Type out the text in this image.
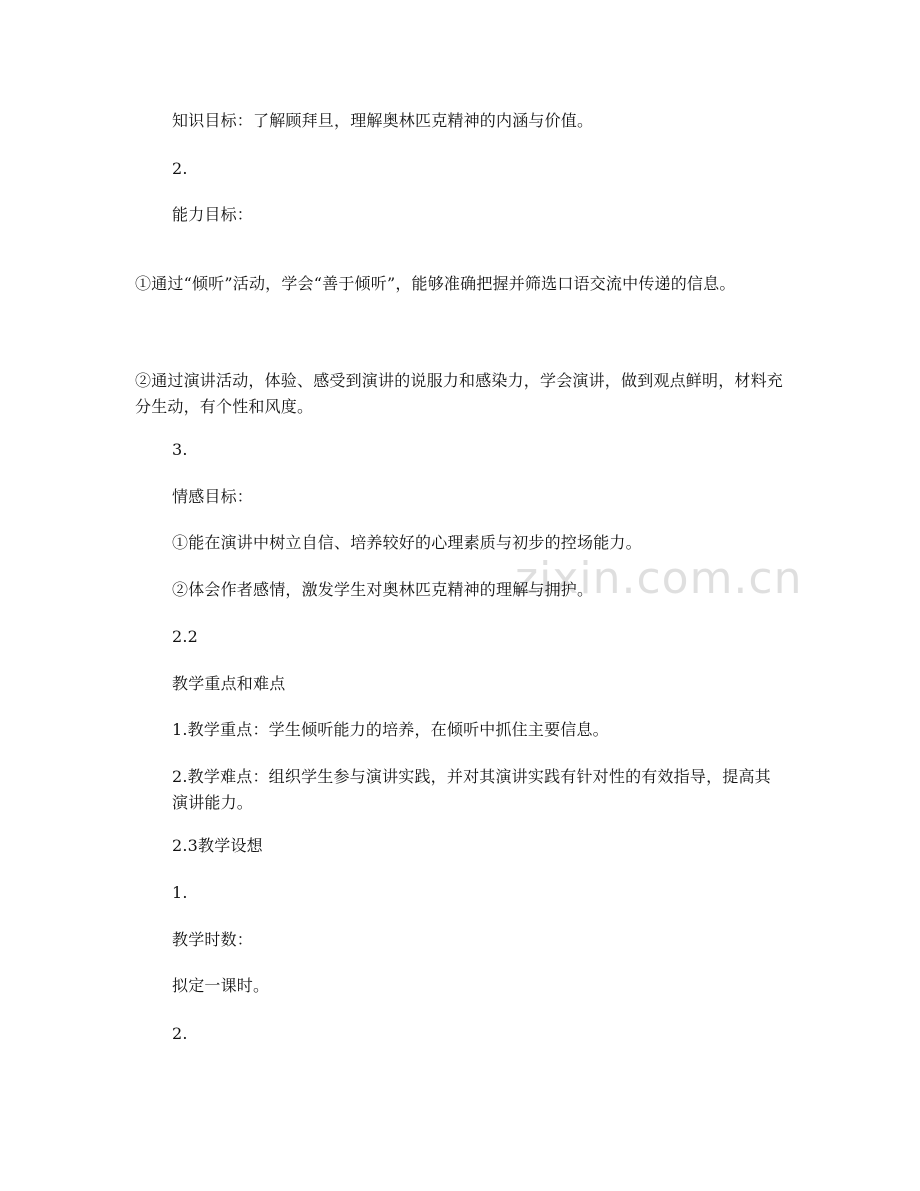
知识目标：了解顾拜旦，理解奥林匹克精神的内涵与价值。
2.
能力目标：
①通过“倾听”活动，学会“善于倾听”，能够准确把握并筛选口语交流中传递的信息。
②通过演讲活动，体验、感受到演讲的说服力和感染力，学会演讲，做到观点鲜明，材料充分生动，有个性和风度。
3.
情感目标：
①能在演讲中树立自信、培养较好的心理素质与初步的控场能力。
②体会作者感情，激发学生对奥林匹克精神的理解与拥护。
2.2
教学重点和难点
1.教学重点：学生倾听能力的培养，在倾听中抓住主要信息。
2.教学难点：组织学生参与演讲实践，并对其演讲实践有针对性的有效指导，提高其演讲能力。
2.3教学设想
1.
教学时数：
拟定一课时。
2.
zixin.com.cn
